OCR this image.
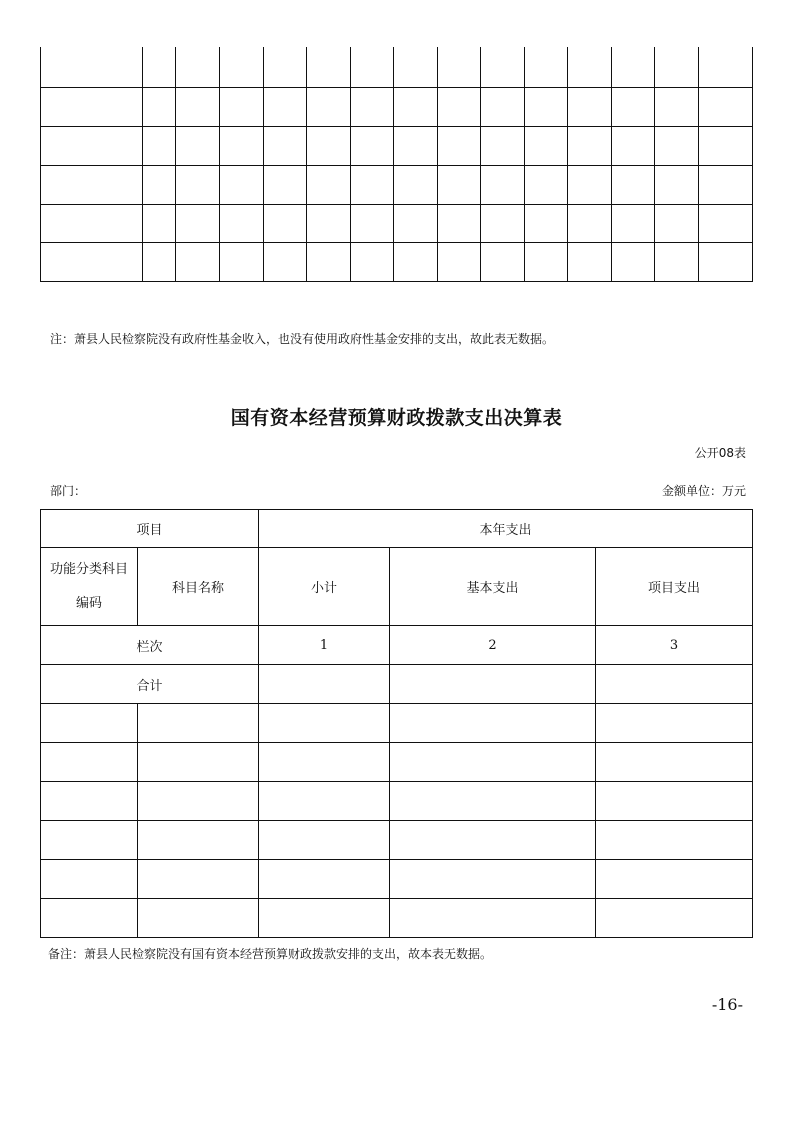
注：萧县人民检察院没有政府性基金收入，也没有使用政府性基金安排的支出，故此表无数据。
国有资本经营预算财政拨款支出决算表
公开08表
部门：	金额单位：万元
项目		本年支出		
功能分类科目编码	科目名称	小计	基本支出	项目支出
栏次		1	2	3
合计				

备注：萧县人民检察院没有国有资本经营预算财政拨款安排的支出，故本表无数据。
-16-
